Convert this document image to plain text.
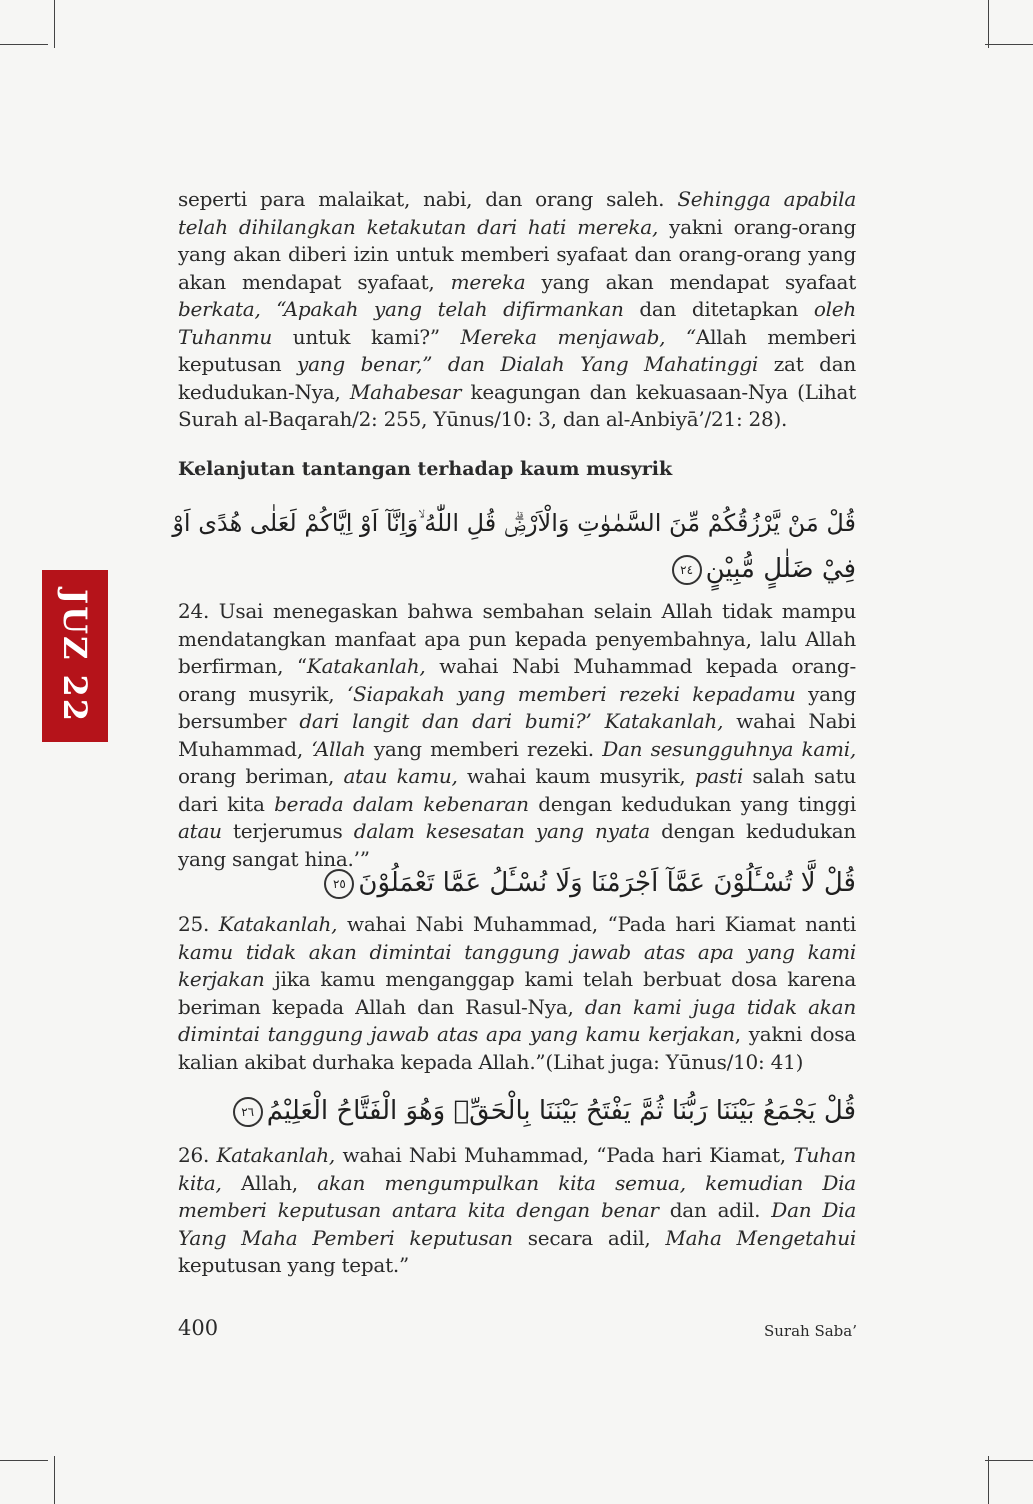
seperti para malaikat, nabi, dan orang saleh. Sehingga apabila telah dihilangkan ketakutan dari hati mereka, yakni orang-orang yang akan diberi izin untuk memberi syafaat dan orang-orang yang akan mendapat syafaat, mereka yang akan mendapat syafaat berkata, “Apakah yang telah difirmankan dan ditetapkan oleh Tuhanmu untuk kami?” Mereka menjawab, “Allah memberi keputusan yang benar,” dan Dialah Yang Mahatinggi zat dan kedudukan-Nya, Mahabesar keagungan dan kekuasaan-Nya (Lihat Surah al-Baqarah/2: 255, Yūnus/10: 3, dan al-Anbiyā’/21: 28).

Kelanjutan tantangan terhadap kaum musyrik
قُلْ مَنْ يَّرْزُقُكُمْ مِّنَ السَّمٰوٰتِ وَالْاَرْضِۗ قُلِ اللّٰهُ ۙوَاِنَّآ اَوْ اِيَّاكُمْ لَعَلٰى هُدًى اَوْ
فِيْ ضَلٰلٍ مُّبِيْنٍ٢٤

24. Usai menegaskan bahwa sembahan selain Allah tidak mampu mendatangkan manfaat apa pun kepada penyembahnya, lalu Allah berfirman, “Katakanlah, wahai Nabi Muhammad kepada orang-orang musyrik, ‘Siapakah yang memberi rezeki kepadamu yang bersumber dari langit dan dari bumi?’ Katakanlah, wahai Nabi Muhammad, ‘Allah yang memberi rezeki. Dan sesungguhnya kami, orang beriman, atau kamu, wahai kaum musyrik, pasti salah satu dari kita berada dalam kebenaran dengan kedudukan yang tinggi atau terjerumus dalam kesesatan yang nyata dengan kedudukan yang sangat hina.’”

قُلْ لَّا تُسْـَٔلُوْنَ عَمَّآ اَجْرَمْنَا وَلَا نُسْـَٔلُ عَمَّا تَعْمَلُوْنَ٢٥

25. Katakanlah, wahai Nabi Muhammad, “Pada hari Kiamat nanti kamu tidak akan dimintai tanggung jawab atas apa yang kami kerjakan jika kamu menganggap kami telah berbuat dosa karena beriman kepada Allah dan Rasul-Nya, dan kami juga tidak akan dimintai tanggung jawab atas apa yang kamu kerjakan, yakni dosa kalian akibat durhaka kepada Allah.”(Lihat juga: Yūnus/10: 41)

قُلْ يَجْمَعُ بَيْنَنَا رَبُّنَا ثُمَّ يَفْتَحُ بَيْنَنَا بِالْحَقِّۗ وَهُوَ الْفَتَّاحُ الْعَلِيْمُ٢٦

26. Katakanlah, wahai Nabi Muhammad, “Pada hari Kiamat, Tuhan kita, Allah, akan mengumpulkan kita semua, kemudian Dia memberi keputusan antara kita dengan benar dan adil. Dan Dia Yang Maha Pemberi keputusan secara adil, Maha Mengetahui keputusan yang tepat.”

JUZ 22
400	Surah Saba’
